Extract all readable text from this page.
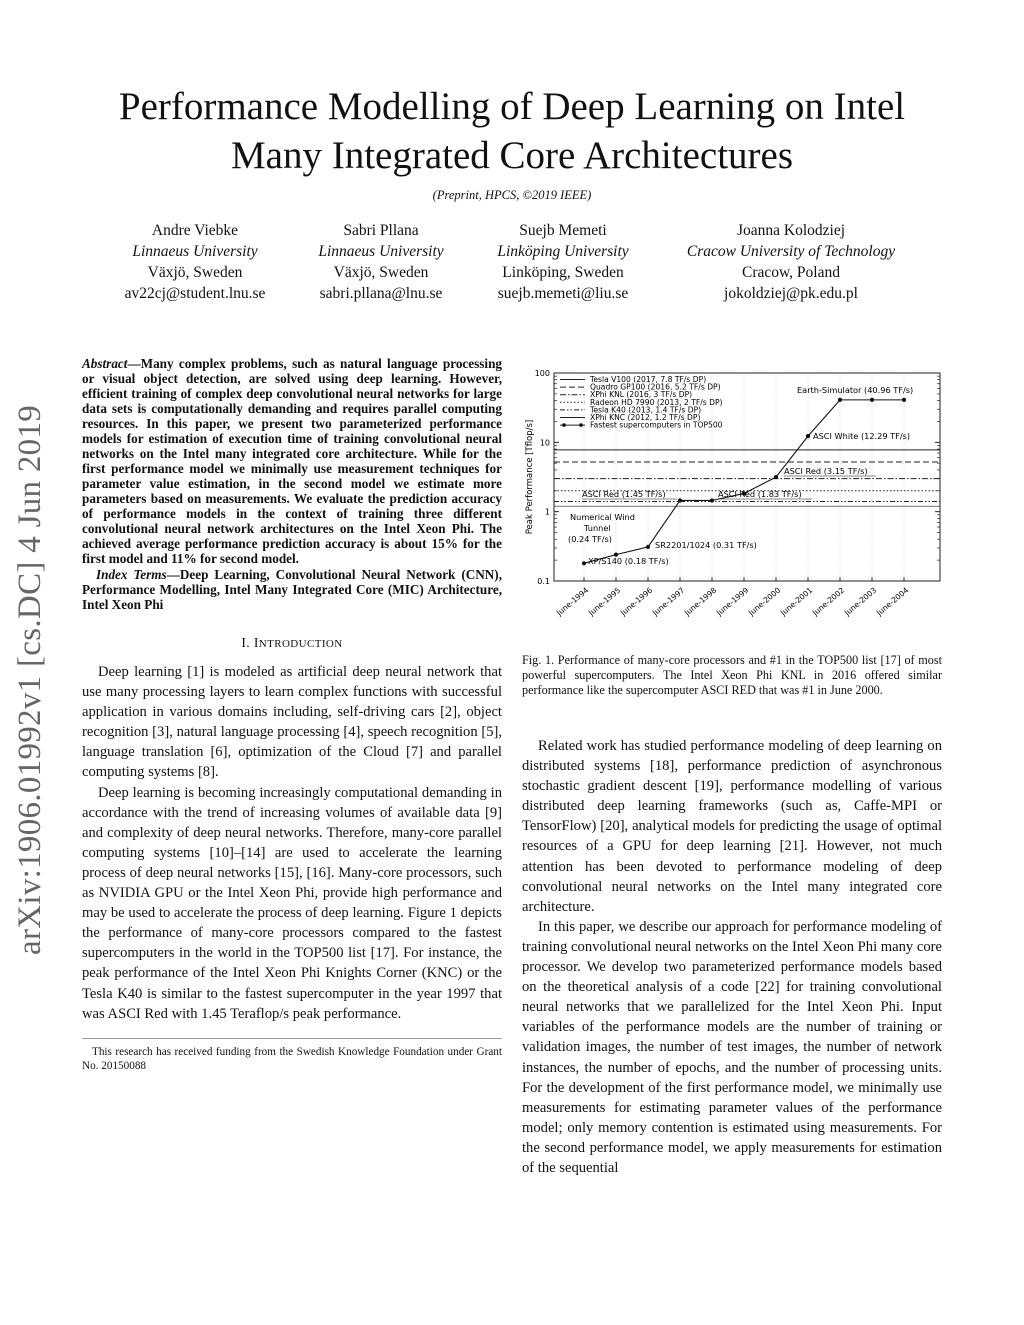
Performance Modelling of Deep Learning on Intel
Many Integrated Core Architectures
(Preprint, HPCS, ©2019 IEEE)
Andre Viebke
Linnaeus University
Växjö, Sweden
av22cj@student.lnu.se
Sabri Pllana
Linnaeus University
Växjö, Sweden
sabri.pllana@lnu.se
Suejb Memeti
Linköping University
Linköping, Sweden
suejb.memeti@liu.se
Joanna Kolodziej
Cracow University of Technology
Cracow, Poland
jokoldziej@pk.edu.pl
arXiv:1906.01992v1 [cs.DC] 4 Jun 2019

Abstract—Many complex problems, such as natural language processing or visual object detection, are solved using deep learning. However, efficient training of complex deep convolutional neural networks for large data sets is computationally demanding and requires parallel computing resources. In this paper, we present two parameterized performance models for estimation of execution time of training convolutional neural networks on the Intel many integrated core architecture. While for the first performance model we minimally use measurement techniques for parameter value estimation, in the second model we estimate more parameters based on measurements. We evaluate the prediction accuracy of performance models in the context of training three different convolutional neural network architectures on the Intel Xeon Phi. The achieved average performance prediction accuracy is about 15% for the first model and 11% for second model.

Index Terms—Deep Learning, Convolutional Neural Network (CNN), Performance Modelling, Intel Many Integrated Core (MIC) Architecture, Intel Xeon Phi

I. INTRODUCTION

Deep learning [1] is modeled as artificial deep neural network that use many processing layers to learn complex functions with successful application in various domains including, self-driving cars [2], object recognition [3], natural language processing [4], speech recognition [5], language translation [6], optimization of the Cloud [7] and parallel computing systems [8].

Deep learning is becoming increasingly computational demanding in accordance with the trend of increasing volumes of available data [9] and complexity of deep neural networks. Therefore, many-core parallel computing systems [10]–[14] are used to accelerate the learning process of deep neural networks [15], [16]. Many-core processors, such as NVIDIA GPU or the Intel Xeon Phi, provide high performance and may be used to accelerate the process of deep learning. Figure 1 depicts the performance of many-core processors compared to the fastest supercomputers in the world in the TOP500 list [17]. For instance, the peak performance of the Intel Xeon Phi Knights Corner (KNC) or the Tesla K40 is similar to the fastest supercomputer in the year 1997 that was ASCI Red with 1.45 Teraflop/s peak performance.

This research has received funding from the Swedish Knowledge Foundation under Grant No. 20150088

100
10
1
0.1
June-1994
June-1995
June-1996
June-1997
June-1998
June-1999
June-2000
June-2001
June-2002
June-2003
June-2004
XP/S140 (0.18 TF/s)
Numerical Wind
Tunnel
(0.24 TF/s)
SR2201/1024 (0.31 TF/s)
ASCI Red (1.45 TF/s)	ASCI Red (1.83 TF/s)
ASCI Red (3.15 TF/s)
ASCI White (12.29 TF/s)
Earth-Simulator (40.96 TF/s)
Tesla V100 (2017, 7.8 TF/s DP)
Quadro GP100 (2016, 5.2 TF/s DP)
XPhi KNL (2016, 3 TF/s DP)
Radeon HD 7990 (2013, 2 TF/s DP)
Tesla K40 (2013, 1.4 TF/s DP)
XPhi KNC (2012, 1.2 TF/s DP)
Fastest supercomputers in TOP500
Peak Performance [Tflop/s]

Fig. 1. Performance of many-core processors and #1 in the TOP500 list [17] of most powerful supercomputers. The Intel Xeon Phi KNL in 2016 offered similar performance like the supercomputer ASCI RED that was #1 in June 2000.

Related work has studied performance modeling of deep learning on distributed systems [18], performance prediction of asynchronous stochastic gradient descent [19], performance modelling of various distributed deep learning frameworks (such as, Caffe-MPI or TensorFlow) [20], analytical models for predicting the usage of optimal resources of a GPU for deep learning [21]. However, not much attention has been devoted to performance modeling of deep convolutional neural networks on the Intel many integrated core architecture.

In this paper, we describe our approach for performance modeling of training convolutional neural networks on the Intel Xeon Phi many core processor. We develop two parameterized performance models based on the theoretical analysis of a code [22] for training convolutional neural networks that we parallelized for the Intel Xeon Phi. Input variables of the performance models are the number of training or validation images, the number of test images, the number of network instances, the number of epochs, and the number of processing units. For the development of the first performance model, we minimally use measurements for estimating parameter values of the performance model; only memory contention is estimated using measurements. For the second performance model, we apply measurements for estimation of the sequential
